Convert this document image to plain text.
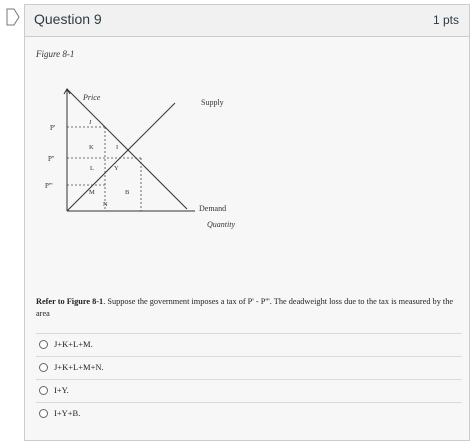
Question 9	1 pts
Figure 8-1
Price
Quantity
Supply
Demand
P'
P''
P'''
J
K	I
L	Y
M	B
N
Refer to Figure 8-1. Suppose the government imposes a tax of P' - P'''. The deadweight loss due to the tax is measured by the area
J+K+L+M.
J+K+L+M+N.
I+Y.
I+Y+B.
